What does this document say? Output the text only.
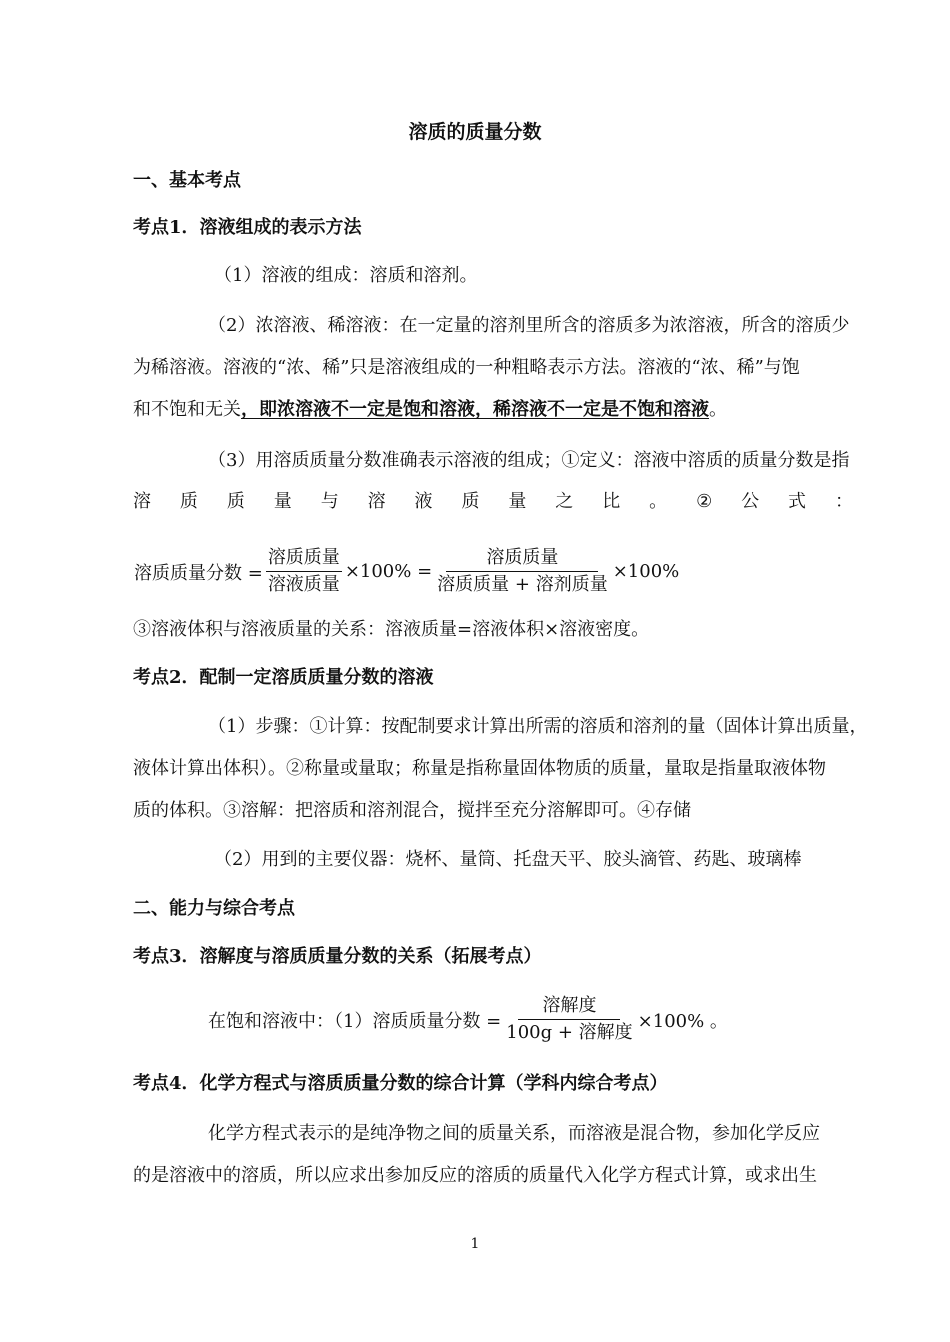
溶质的质量分数
一、基本考点
考点1．溶液组成的表示方法
（1）溶液的组成：溶质和溶剂。
（2）浓溶液、稀溶液：在一定量的溶剂里所含的溶质多为浓溶液，所含的溶质少
为稀溶液。溶液的“浓、稀”只是溶液组成的一种粗略表示方法。溶液的“浓、稀”与饱
和不饱和无关，即浓溶液不一定是饱和溶液，稀溶液不一定是不饱和溶液。
（3）用溶质质量分数准确表示溶液的组成；①定义：溶液中溶质的质量分数是指
溶 质 质 量 与 溶 液 质 量 之 比 。 ② 公 式 ：
溶质质量分数 = $\frac{\text{溶质质量}}{\text{溶液质量}} \times 100\% = \frac{\text{溶质质量}}{\text{溶质质量 + 溶剂质量}} \times 100\%$
③溶液体积与溶液质量的关系：溶液质量=溶液体积×溶液密度。
考点2．配制一定溶质质量分数的溶液
（1）步骤：①计算：按配制要求计算出所需的溶质和溶剂的量（固体计算出质量，
液体计算出体积）。②称量或量取；称量是指称量固体物质的质量，量取是指量取液体物
质的体积。③溶解：把溶质和溶剂混合，搅拌至充分溶解即可。④存储
（2）用到的主要仪器：烧杯、量筒、托盘天平、胶头滴管、药匙、玻璃棒
二、能力与综合考点
考点3．溶解度与溶质质量分数的关系（拓展考点）
在饱和溶液中：（1）溶质质量分数 = $\frac{\text{溶解度}}{\text{100g + 溶解度}} \times 100\%$ 。
考点4．化学方程式与溶质质量分数的综合计算（学科内综合考点）
化学方程式表示的是纯净物之间的质量关系，而溶液是混合物，参加化学反应
的是溶液中的溶质，所以应求出参加反应的溶质的质量代入化学方程式计算，或求出生
1
